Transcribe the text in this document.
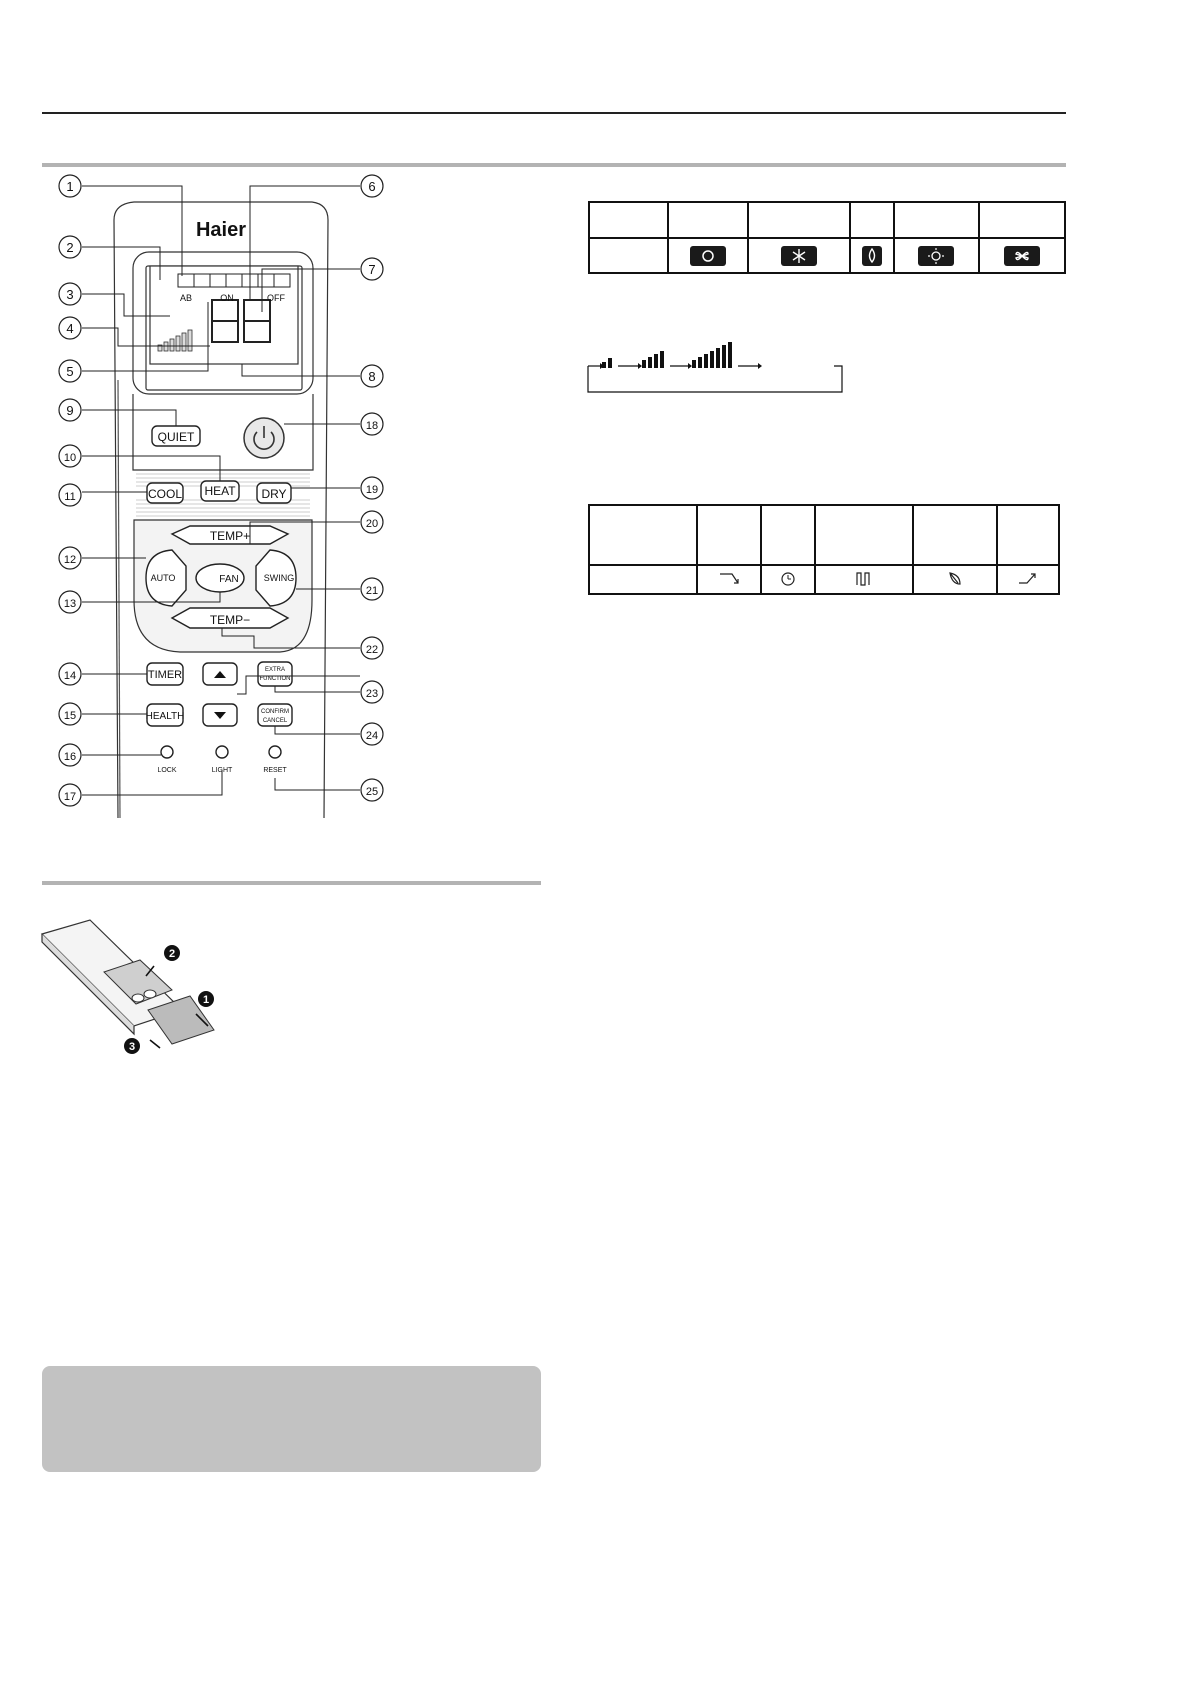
Haier
AB	ON	OFF
QUIET
COOL HEAT DRY
TEMP+
TEMP−
AUTO	FAN	SWING
TIMER
HEALTH
EXTRA
FUNCTION
CONFIRM
CANCEL
LOCK	LIGHT	RESET
1
2
3
4
5
6
7
8
9
10
11
12
13
14
15
16
17
18
19
20
21
22
23
24
25
2
1
3
